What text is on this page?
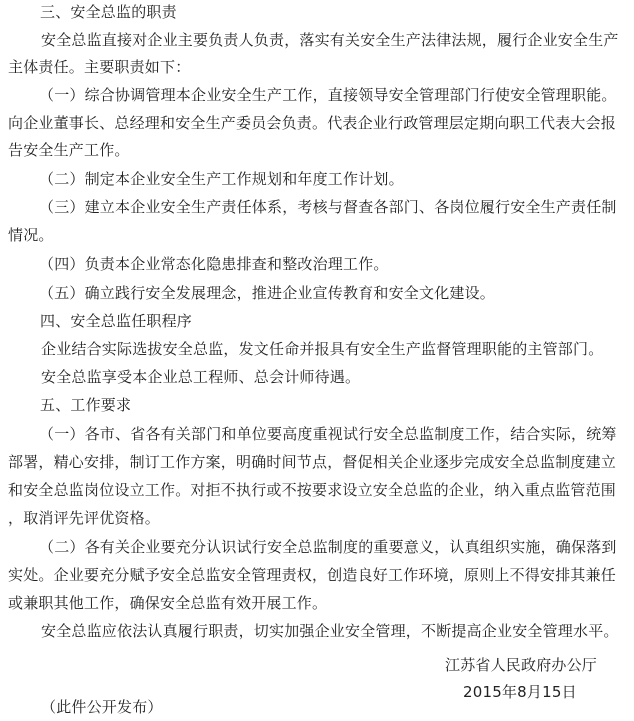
三、安全总监的职责
安全总监直接对企业主要负责人负责，落实有关安全生产法律法规，履行企业安全生产
主体责任。主要职责如下：
（一）综合协调管理本企业安全生产工作，直接领导安全管理部门行使安全管理职能。
向企业董事长、总经理和安全生产委员会负责。代表企业行政管理层定期向职工代表大会报
告安全生产工作。
（二）制定本企业安全生产工作规划和年度工作计划。
（三）建立本企业安全生产责任体系，考核与督查各部门、各岗位履行安全生产责任制
情况。
（四）负责本企业常态化隐患排查和整改治理工作。
（五）确立践行安全发展理念，推进企业宣传教育和安全文化建设。
四、安全总监任职程序
企业结合实际选拔安全总监，发文任命并报具有安全生产监督管理职能的主管部门。
安全总监享受本企业总工程师、总会计师待遇。
五、工作要求
（一）各市、省各有关部门和单位要高度重视试行安全总监制度工作，结合实际，统筹
部署，精心安排，制订工作方案，明确时间节点，督促相关企业逐步完成安全总监制度建立
和安全总监岗位设立工作。对拒不执行或不按要求设立安全总监的企业，纳入重点监管范围
，取消评先评优资格。
（二）各有关企业要充分认识试行安全总监制度的重要意义，认真组织实施，确保落到
实处。企业要充分赋予安全总监安全管理责权，创造良好工作环境，原则上不得安排其兼任
或兼职其他工作，确保安全总监有效开展工作。
安全总监应依法认真履行职责，切实加强企业安全管理，不断提高企业安全管理水平。
江苏省人民政府办公厅
2015年8月15日
（此件公开发布）
